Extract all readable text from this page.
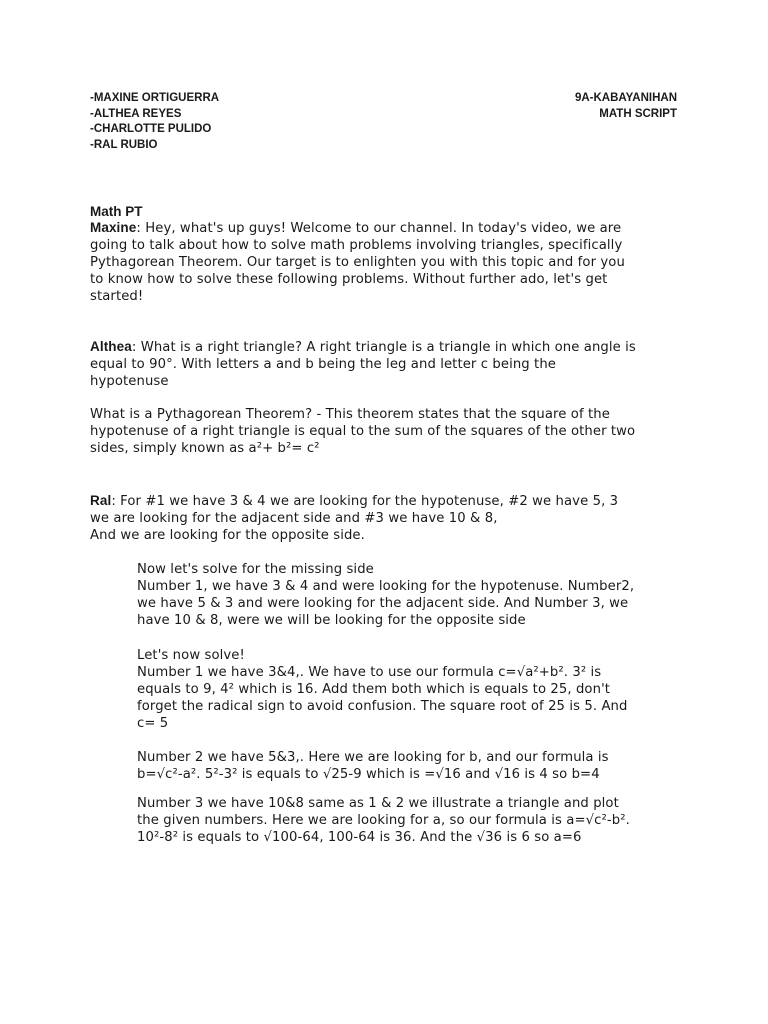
-MAXINE ORTIGUERRA
-ALTHEA REYES
-CHARLOTTE PULIDO
-RAL RUBIO
9A-KABAYANIHAN
MATH SCRIPT
Math PT
Maxine: Hey, what's up guys! Welcome to our channel. In today's video, we are
going to talk about how to solve math problems involving triangles, specifically
Pythagorean Theorem. Our target is to enlighten you with this topic and for you
to know how to solve these following problems. Without further ado, let's get
started!
Althea: What is a right triangle? A right triangle is a triangle in which one angle is
equal to 90°. With letters a and b being the leg and letter c being the
hypotenuse
What is a Pythagorean Theorem? - This theorem states that the square of the
hypotenuse of a right triangle is equal to the sum of the squares of the other two
sides, simply known as a²+ b²= c²
Ral: For #1 we have 3 & 4 we are looking for the hypotenuse, #2 we have 5, 3
we are looking for the adjacent side and #3 we have 10 & 8,
And we are looking for the opposite side.
Now let's solve for the missing side
Number 1, we have 3 & 4 and were looking for the hypotenuse. Number2,
we have 5 & 3 and were looking for the adjacent side. And Number 3, we
have 10 & 8, were we will be looking for the opposite side
Let's now solve!
Number 1 we have 3&4,. We have to use our formula c=√a²+b². 3² is
equals to 9, 4² which is 16. Add them both which is equals to 25, don't
forget the radical sign to avoid confusion. The square root of 25 is 5. And
c= 5
Number 2 we have 5&3,. Here we are looking for b, and our formula is
b=√c²-a². 5²-3² is equals to √25-9 which is =√16 and √16 is 4 so b=4
Number 3 we have 10&8 same as 1 & 2 we illustrate a triangle and plot
the given numbers. Here we are looking for a, so our formula is a=√c²-b².
10²-8² is equals to √100-64, 100-64 is 36. And the √36 is 6 so a=6
